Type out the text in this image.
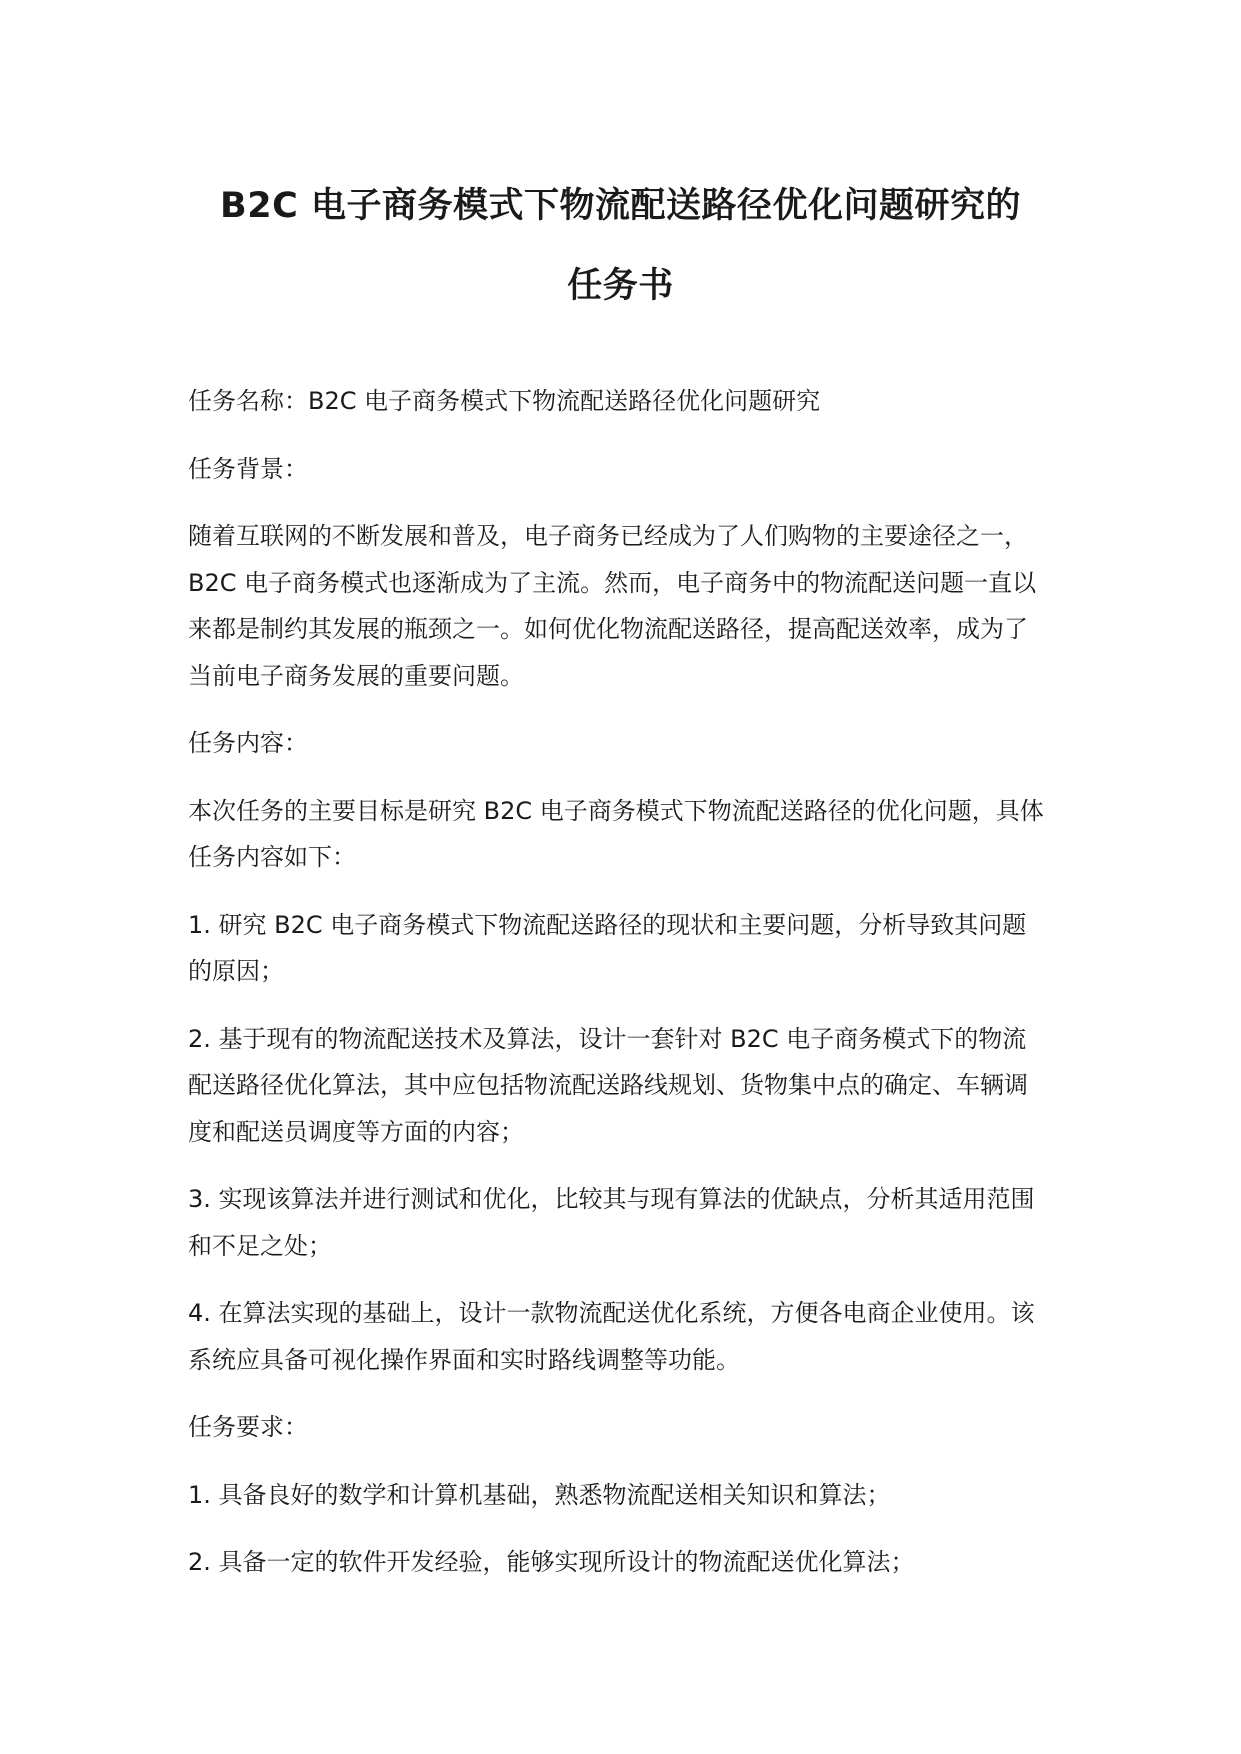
B2C 电子商务模式下物流配送路径优化问题研究的
任务书

任务名称：B2C 电子商务模式下物流配送路径优化问题研究

任务背景：

随着互联网的不断发展和普及，电子商务已经成为了人们购物的主要途径之一，B2C 电子商务模式也逐渐成为了主流。然而，电子商务中的物流配送问题一直以来都是制约其发展的瓶颈之一。如何优化物流配送路径，提高配送效率，成为了当前电子商务发展的重要问题。

任务内容：

本次任务的主要目标是研究 B2C 电子商务模式下物流配送路径的优化问题，具体任务内容如下：

1. 研究 B2C 电子商务模式下物流配送路径的现状和主要问题，分析导致其问题的原因；

2. 基于现有的物流配送技术及算法，设计一套针对 B2C 电子商务模式下的物流配送路径优化算法，其中应包括物流配送路线规划、货物集中点的确定、车辆调度和配送员调度等方面的内容；

3. 实现该算法并进行测试和优化，比较其与现有算法的优缺点，分析其适用范围和不足之处；

4. 在算法实现的基础上，设计一款物流配送优化系统，方便各电商企业使用。该系统应具备可视化操作界面和实时路线调整等功能。

任务要求：

1. 具备良好的数学和计算机基础，熟悉物流配送相关知识和算法；

2. 具备一定的软件开发经验，能够实现所设计的物流配送优化算法；
